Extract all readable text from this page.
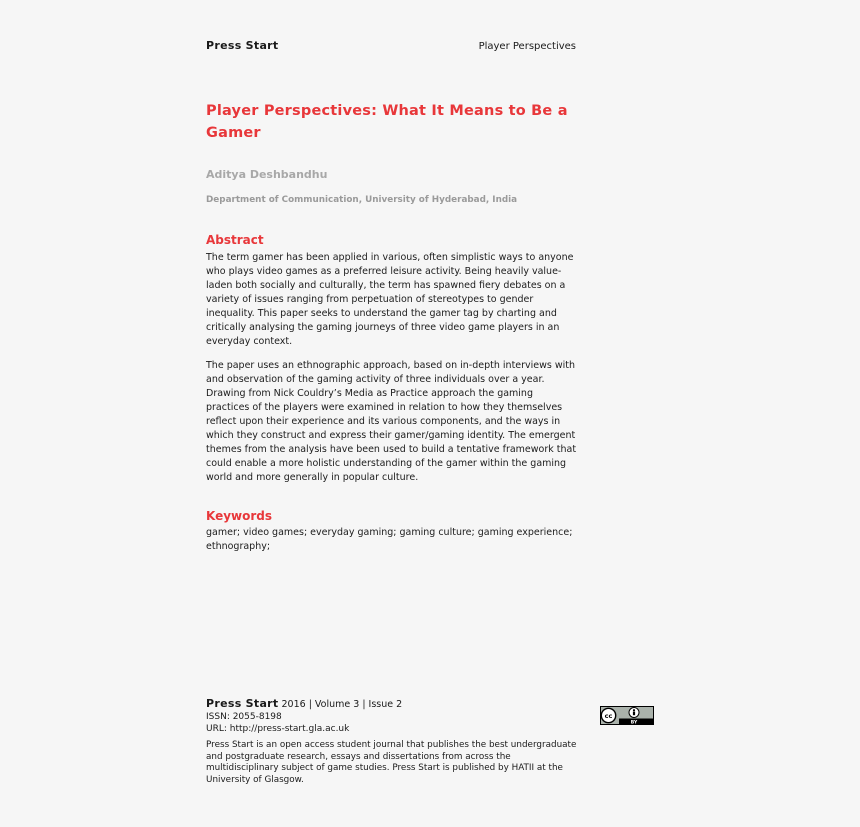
Press Start	Player Perspectives
Player Perspectives: What It Means to Be a Gamer
Aditya Deshbandhu
Department of Communication, University of Hyderabad, India
Abstract
The term gamer has been applied in various, often simplistic ways to anyone who plays video games as a preferred leisure activity. Being heavily value-laden both socially and culturally, the term has spawned fiery debates on a variety of issues ranging from perpetuation of stereotypes to gender inequality. This paper seeks to understand the gamer tag by charting and critically analysing the gaming journeys of three video game players in an everyday context.
The paper uses an ethnographic approach, based on in-depth interviews with and observation of the gaming activity of three individuals over a year. Drawing from Nick Couldry’s Media as Practice approach the gaming practices of the players were examined in relation to how they themselves reflect upon their experience and its various components, and the ways in which they construct and express their gamer/gaming identity. The emergent themes from the analysis have been used to build a tentative framework that could enable a more holistic understanding of the gamer within the gaming world and more generally in popular culture.
Keywords
gamer; video games; everyday gaming; gaming culture; gaming experience; ethnography;
Press Start 2016 | Volume 3 | Issue 2
ISSN: 2055-8198
URL: http://press-start.gla.ac.uk
Press Start is an open access student journal that publishes the best undergraduate and postgraduate research, essays and dissertations from across the multidisciplinary subject of game studies. Press Start is published by HATII at the University of Glasgow.
cc
BY
